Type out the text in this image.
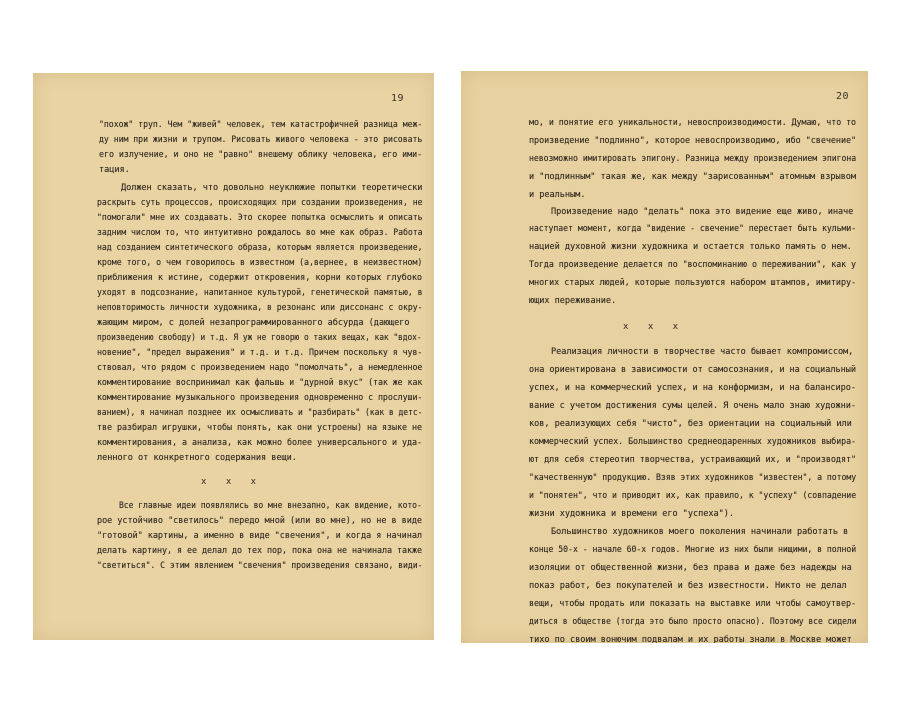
19
"похож" труп. Чем "живей" человек, тем катастрофичней разница меж-
ду ним при жизни и трупом. Рисовать живого человека - это рисовать
его излучение, и оно не "равно" внешему облику человека, его ими-
тация.
Должен сказать, что довольно неуклюжие попытки теоретически
раскрыть суть процессов, происходящих при создании произведения, не
"помогали" мне их создавать. Это скорее попытка осмыслить и описать
задним числом то, что интуитивно рождалось во мне как образ. Работа
над созданием синтетического образа, которым является произведение,
кроме того, о чем говорилось в известном (а,вернее, в неизвестном)
приближения к истине, содержит откровения, корни которых глубоко
уходят в подсознание, напитанное культурой, генетической памятью, в
неповторимость личности художника, в резонанс или диссонанс с окру-
жающим миром, с долей незапрограммированного абсурда (дающего
произведению свободу) и т.д. Я уж не говорю о таких вещах, как "вдох-
новение", "предел выражения" и т.д. и т.д. Причем поскольку я чув-
ствовал, что рядом с произведением надо "помолчать", а немедленное
комментирование воспринимал как фальшь и "дурной вкус" (так же как
комментирование музыкального произведения одновременно с прослуши-
ванием), я начинал позднее их осмысливать и "разбирать" (как в детс-
тве разбирал игрушки, чтобы понять, как они устроены) на языке не
комментирования, а анализа, как можно более универсального и уда-
ленного от конкретного содержания вещи.
x x x
Все главные идеи появлялись во мне внезапно, как видение, кото-
рое устойчиво "светилось" передо мной (или во мне), но не в виде
"готовой" картины, а именно в виде "свечения", и когда я начинал
делать картину, я ее делал до тех пор, пока она не начинала также
"светиться". С этим явлением "свечения" произведения связано, види-
20
мо, и понятие его уникальности, невоспроизводимости. Думаю, что то
произведение "подлинно", которое невоспроизводимо, ибо "свечение"
невозможно имитировать эпигону. Разница между произведением эпигона
и "подлинным" такая же, как между "зарисованным" атомным взрывом
и реальным.
Произведение надо "делать" пока это видение еще живо, иначе
наступает момент, когда "видение - свечение" перестает быть кульми-
нацией духовной жизни художника и остается только память о нем.
Тогда произведение делается по "воспоминанию о переживании", как у
многих старых людей, которые пользуются набором штампов, имитиру-
ющих переживание.
x x x
Реализация личности в творчестве часто бывает компромиссом,
она ориентирована в зависимости от самосознания, и на социальный
успех, и на коммерческий успех, и на конформизм, и на балансиро-
вание с учетом достижения сумы целей. Я очень мало знаю художни-
ков, реализующих себя "чисто", без ориентации на социальный или
коммерческий успех. Большинство среднеодаренных художников выбира-
ют для себя стереотип творчества, устраивающий их, и "производят"
"качественную" продукцию. Взяв этих художников "известен", а потому
и "понятен", что и приводит их, как правило, к "успеху" (совпадение
жизни художника и времени его "успеха").
Большинство художников моего поколения начинали работать в
конце 50-х - начале 60-х годов. Многие из них были нищими, в полной
изоляции от общественной жизни, без права и даже без надежды на
показ работ, без покупателей и без известности. Никто не делал
вещи, чтобы продать или показать на выставке или чтобы самоутвер-
диться в обществе (тогда это было просто опасно). Поэтому все сидели
тихо по своим вонючим подвалам и их работы знали в Москве может
